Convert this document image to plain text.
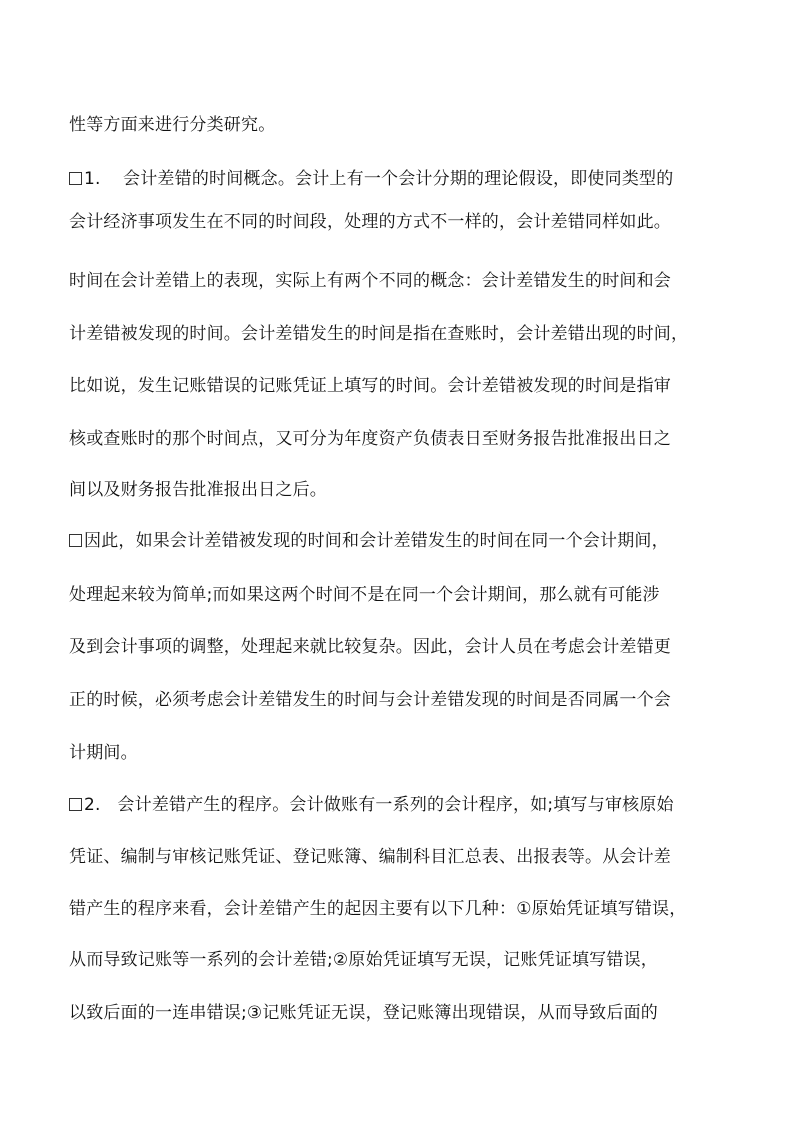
性等方面来进行分类研究。
1.    会计差错的时间概念。会计上有一个会计分期的理论假设，即使同类型的
会计经济事项发生在不同的时间段，处理的方式不一样的，会计差错同样如此。
时间在会计差错上的表现，实际上有两个不同的概念：会计差错发生的时间和会
计差错被发现的时间。会计差错发生的时间是指在查账时，会计差错出现的时间，
比如说，发生记账错误的记账凭证上填写的时间。会计差错被发现的时间是指审
核或查账时的那个时间点，又可分为年度资产负债表日至财务报告批准报出日之
间以及财务报告批准报出日之后。
因此，如果会计差错被发现的时间和会计差错发生的时间在同一个会计期间，
处理起来较为简单;而如果这两个时间不是在同一个会计期间，那么就有可能涉
及到会计事项的调整，处理起来就比较复杂。因此，会计人员在考虑会计差错更
正的时候，必须考虑会计差错发生的时间与会计差错发现的时间是否同属一个会
计期间。
2.   会计差错产生的程序。会计做账有一系列的会计程序，如;填写与审核原始
凭证、编制与审核记账凭证、登记账簿、编制科目汇总表、出报表等。从会计差
错产生的程序来看，会计差错产生的起因主要有以下几种：①原始凭证填写错误，
从而导致记账等一系列的会计差错;②原始凭证填写无误，记账凭证填写错误，
以致后面的一连串错误;③记账凭证无误，登记账簿出现错误，从而导致后面的
